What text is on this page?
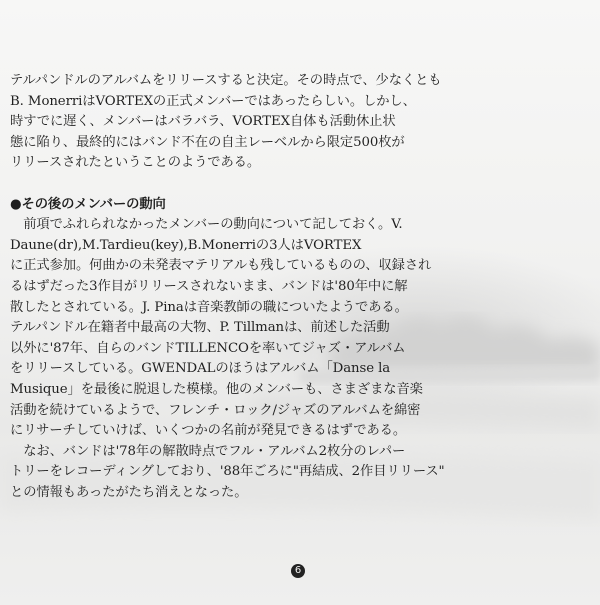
テルパンドルのアルバムをリリースすると決定。その時点で、少なくとも

B. MonerriはVORTEXの正式メンバーではあったらしい。しかし、

時すでに遅く、メンバーはバラバラ、VORTEX自体も活動休止状

態に陥り、最終的にはバンド不在の自主レーベルから限定500枚が

リリースされたということのようである。

●その後のメンバーの動向

　前項でふれられなかったメンバーの動向について記しておく。V.

Daune(dr),M.Tardieu(key),B.Monerriの3人はVORTEX

に正式参加。何曲かの未発表マテリアルも残しているものの、収録され

るはずだった3作目がリリースされないまま、バンドは'80年中に解

散したとされている。J. Pinaは音楽教師の職についたようである。

テルパンドル在籍者中最高の大物、P. Tillmanは、前述した活動

以外に'87年、自らのバンドTILLENCOを率いてジャズ・アルバム

をリリースしている。GWENDALのほうはアルバム「Danse la

Musique」を最後に脱退した模様。他のメンバーも、さまざまな音楽

活動を続けているようで、フレンチ・ロック/ジャズのアルバムを綿密

にリサーチしていけば、いくつかの名前が発見できるはずである。

　なお、バンドは'78年の解散時点でフル・アルバム2枚分のレパー

トリーをレコーディングしており、'88年ごろに"再結成、2作目リリース"

との情報もあったがたち消えとなった。

6
